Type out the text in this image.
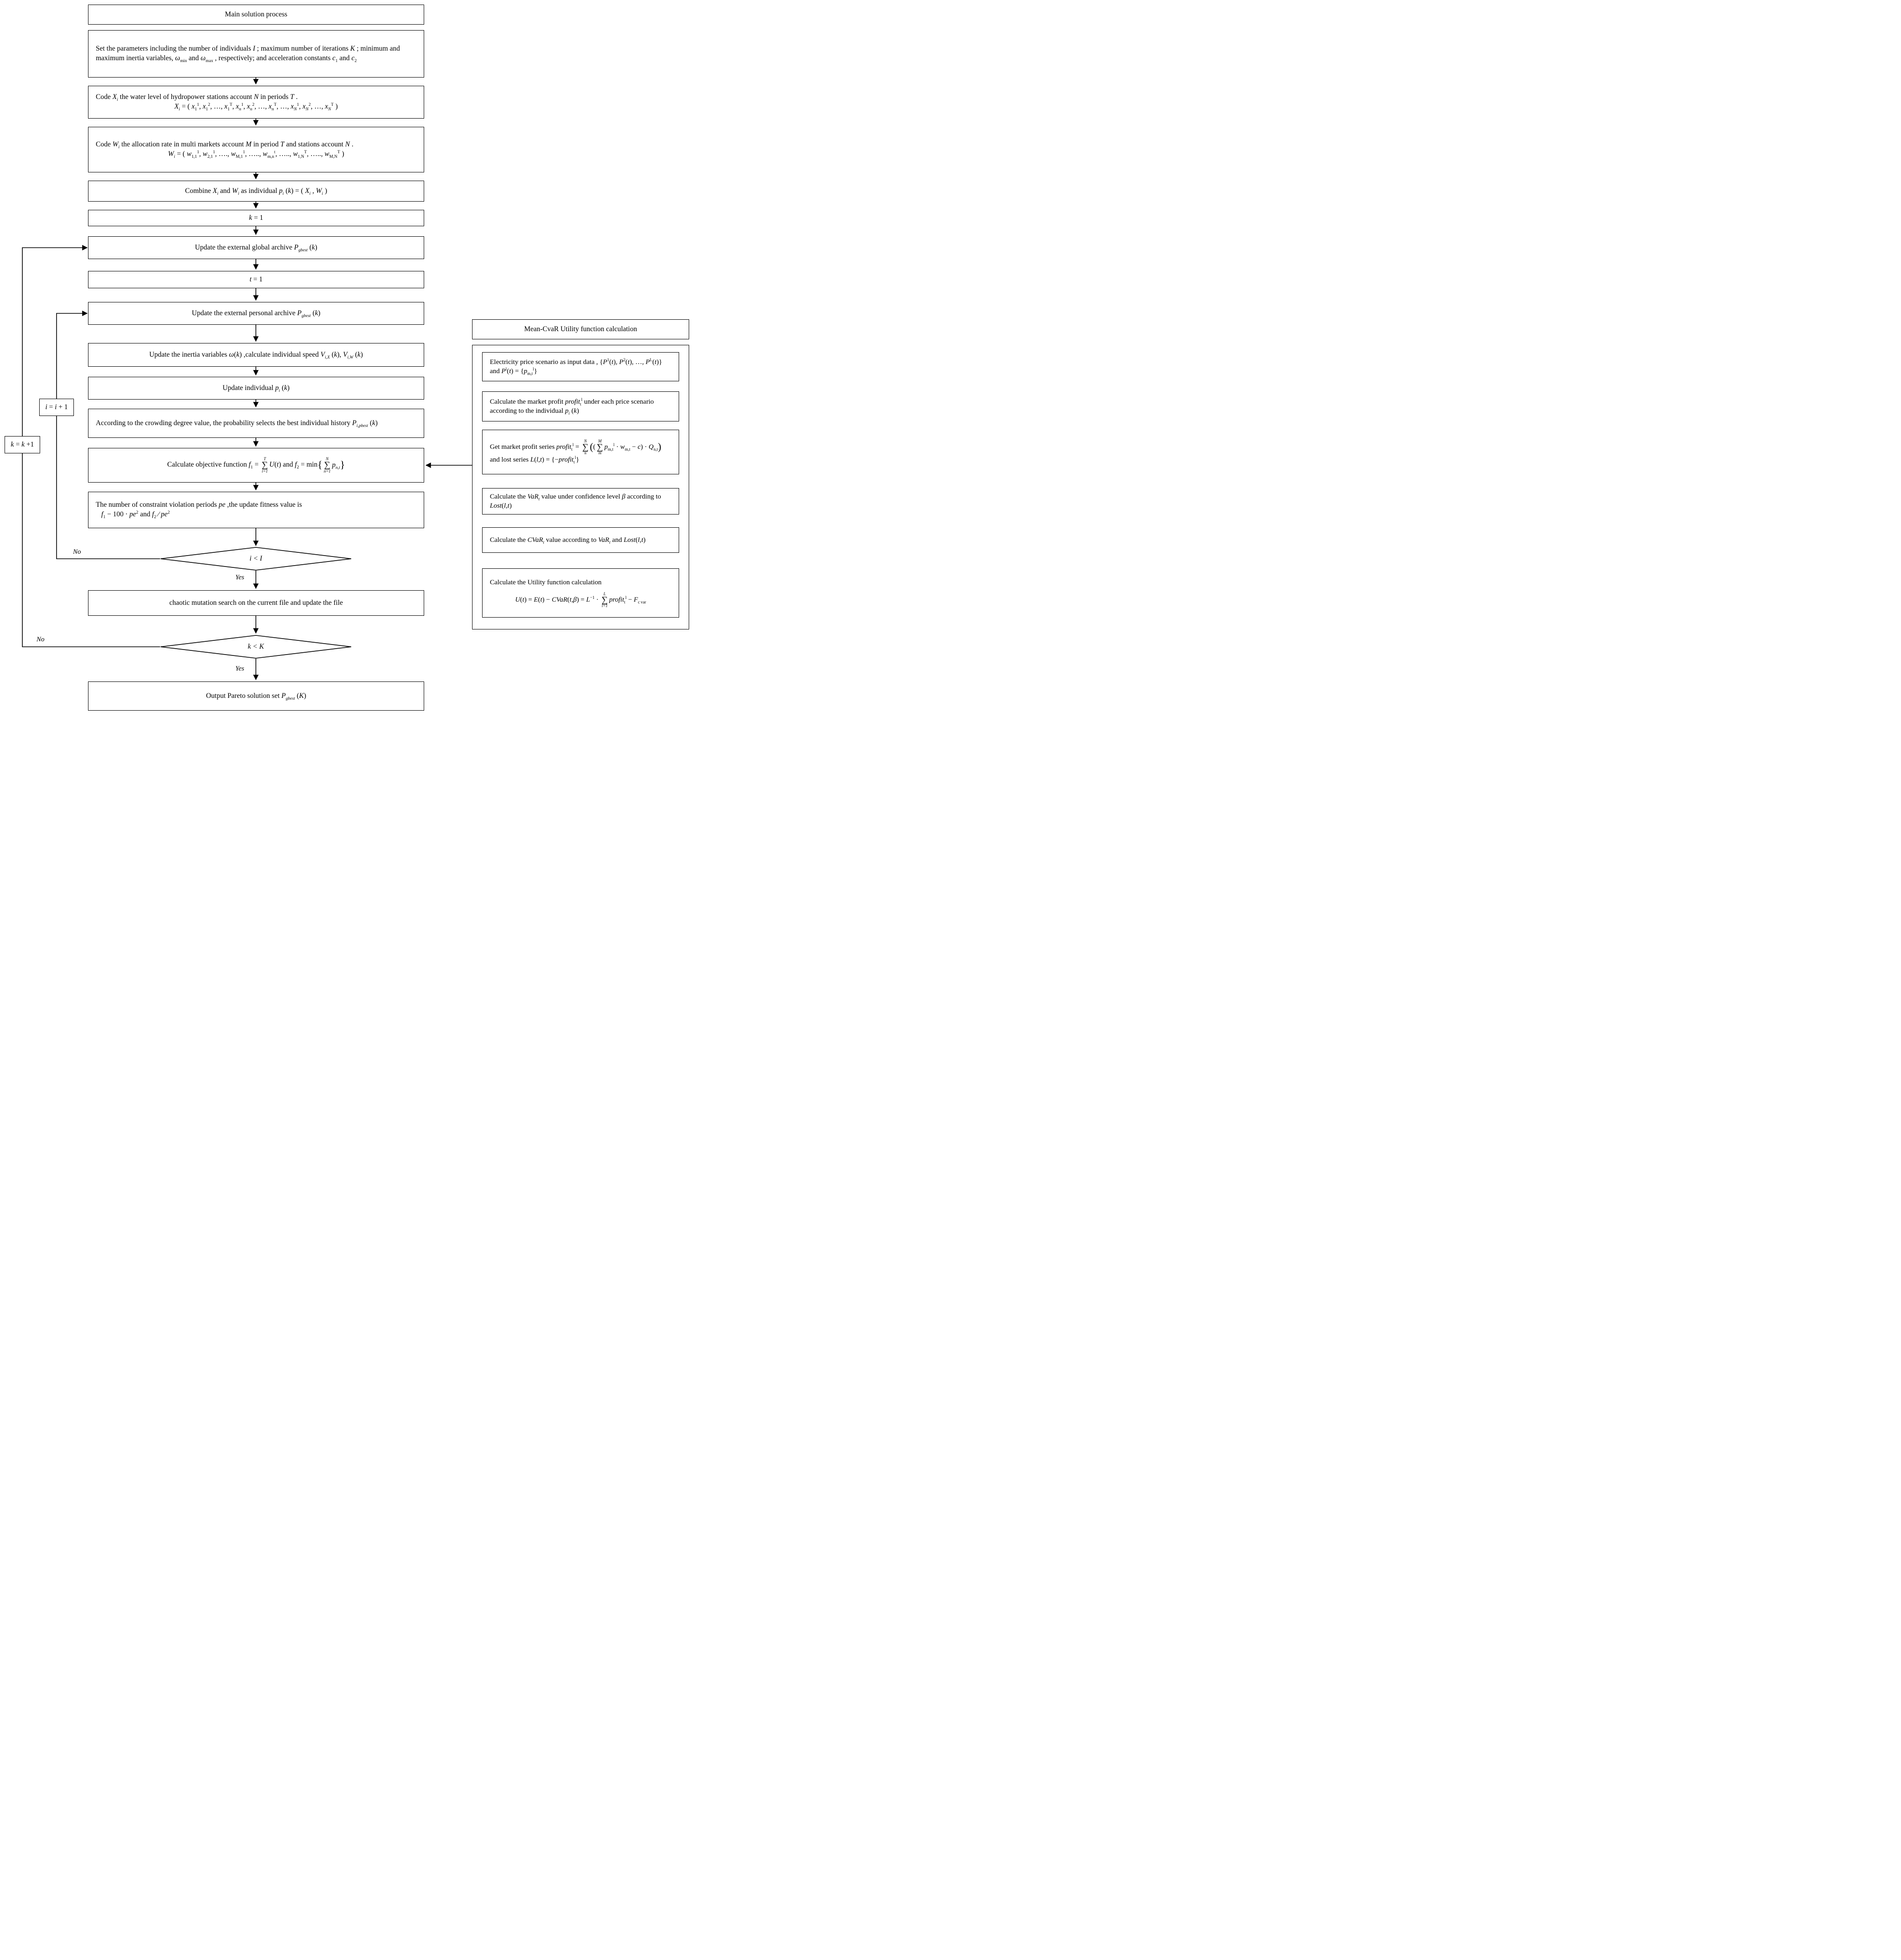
Main solution process
Set the parameters including the number of individuals I ; maximum number of iterations K ; minimum and maximum inertia variables, $\omega_{min}$ and $\omega_{max}$ , respectively; and acceleration constants $c_1$ and $c_2$
Code $X_i$ the water level of hydropower stations account N in periods T .
$X_i$ = ( $x_1^1$, $x_1^2$, …, $x_1^T$, $x_n^1$, $x_n^2$, …, $x_n^T$, …, $x_N^1$, $x_N^2$, …, $x_N^T$ )
Code $W_i$ the allocation rate in multi markets account M in period T and stations account N .
$W_i$ = ( $w_{1,1}^1$, $w_{2,1}^1$, …., $w_{M,1}^1$, ….., $w_{m,n}^t$, ….., $w_{1,N}^T$, ….., $w_{M,N}^T$ )
Combine $X_i$ and $W_i$ as individual $p_i$ (k) = ( $X_i$ , $W_i$ )
k = 1
Update the external global archive $P_{gbest}$ (k)
t = 1
Update the external personal archive $P_{gbest}$ (k)
Update the inertia variables ω(k) ,calculate individual speed $V_{i,X}$ (k), $V_{i,W}$ (k)
Update individual $p_i$ (k)
According to the crowding degree value, the probability selects the best individual history $P_{i,pbest}$ (k)
Calculate objective function $f_1$ =
T
∑
t=1
U(t) and $f_2 = \min${ N
∑
n=1
$p_{n,t}$}
The number of constraint violation periods pe ,the update fitness value is
$f_1 - 100 \cdot pe^2$ and $f_2$ ∕ $pe^2$
i < I
chaotic mutation search on the current file and update the file
k < K
Output Pareto solution set $P_{gbest}$ (K)
i = i + 1
k = k +1
No
Yes
No
Yes
Mean-CvaR Utility function calculation
Electricity price scenario as input data , {$P^1(t)$, $P^2(t)$, …, $P^L(t)$} and $P^l(t) = \{p_{m,t}^l\}$
Calculate the market profit profit$_t^l$ under each price scenario according to the individual $p_i$ (k)
Get market profit series profit$_t^l$ =
N
∑
n
((
M
∑
m
$p_{m,t}^l \cdot w_{m,t} - c) \cdot Q_{n,t}$) and lost series L(l,t) = {−profit$_t^l$}
Calculate the VaR$_t$ value under confidence level β according to Lost(l,t)
Calculate the CVaR$_t$ value according to VaR$_t$ and Lost(l,t)
Calculate the Utility function calculation
U(t) = E(t) − CVaR(t,β) = $L^{-1}$ ·
L
∑
l=1
profit$_t^l$ − $F_{c var}$
